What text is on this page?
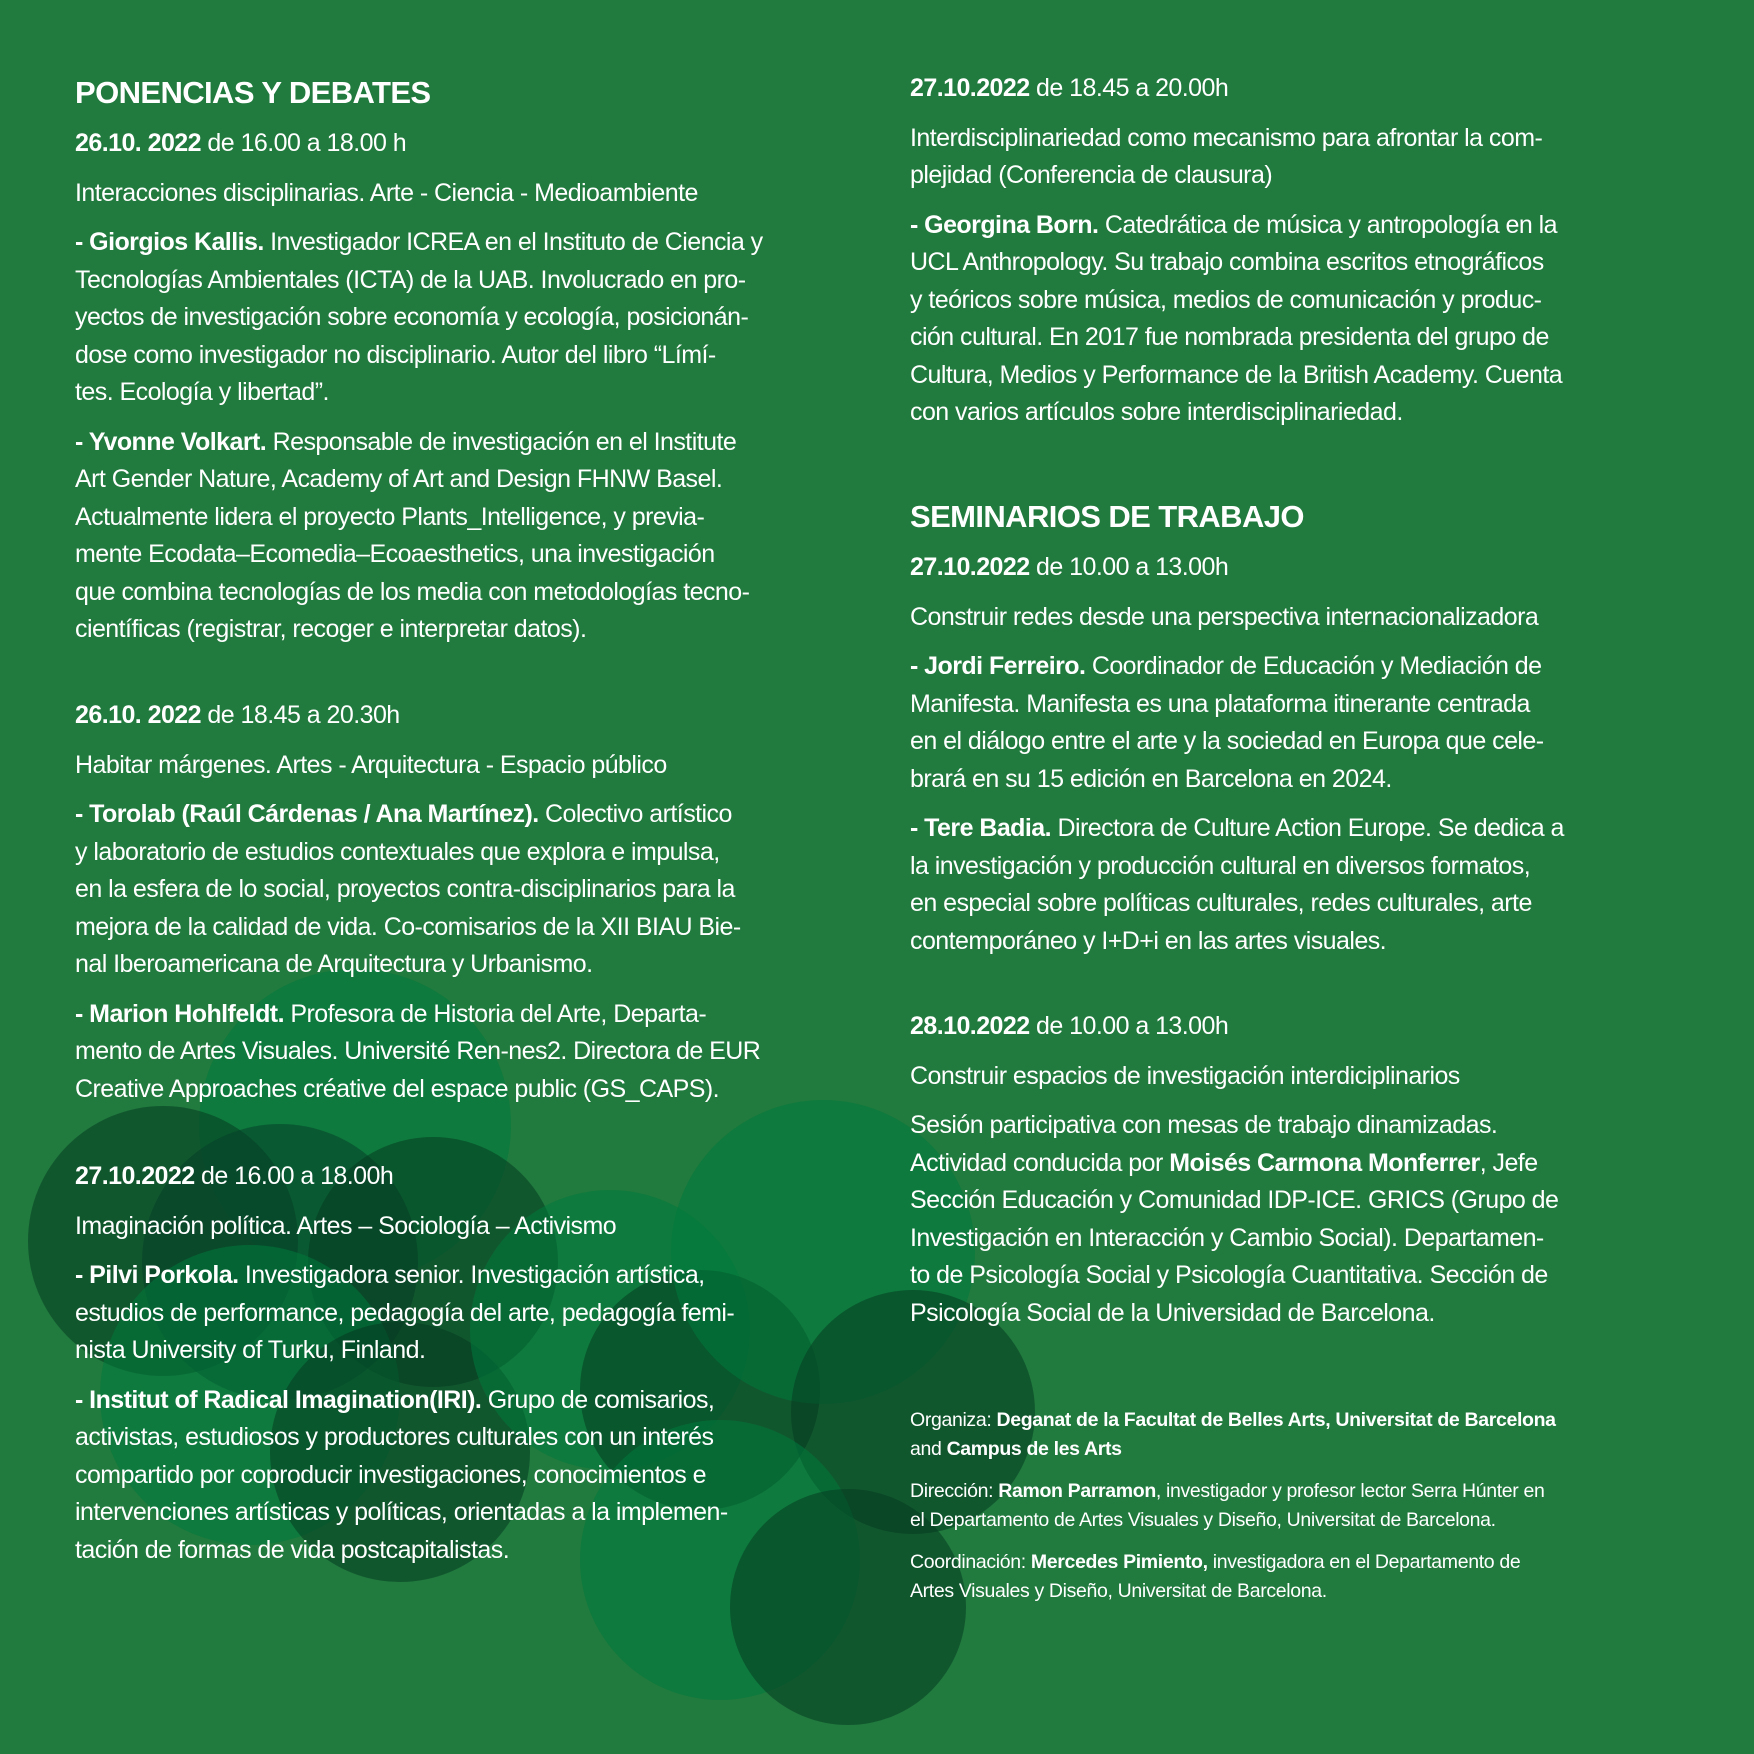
PONENCIAS Y DEBATES
26.10. 2022 de 16.00 a 18.00 h
Interacciones disciplinarias. Arte - Ciencia - Medioambiente
- Giorgios Kallis. Investigador ICREA en el Instituto de Ciencia y
Tecnologías Ambientales (ICTA) de la UAB. Involucrado en pro-
yectos de investigación sobre economía y ecología, posicionán-
dose como investigador no disciplinario. Autor del libro “Límí-
tes. Ecología y libertad”.
- Yvonne Volkart. Responsable de investigación en el Institute
Art Gender Nature, Academy of Art and Design FHNW Basel.
Actualmente lidera el proyecto Plants_Intelligence, y previa-
mente Ecodata–Ecomedia–Ecoaesthetics, una investigación
que combina tecnologías de los media con metodologías tecno-
científicas (registrar, recoger e interpretar datos).
26.10. 2022 de 18.45 a 20.30h
Habitar márgenes. Artes - Arquitectura - Espacio público
- Torolab (Raúl Cárdenas / Ana Martínez). Colectivo artístico
y laboratorio de estudios contextuales que explora e impulsa,
en la esfera de lo social, proyectos contra-disciplinarios para la
mejora de la calidad de vida. Co-comisarios de la XII BIAU Bie-
nal Iberoamericana de Arquitectura y Urbanismo.
- Marion Hohlfeldt. Profesora de Historia del Arte, Departa-
mento de Artes Visuales. Université Ren-nes2. Directora de EUR
Creative Approaches créative del espace public (GS_CAPS).
27.10.2022 de 16.00 a 18.00h
Imaginación política. Artes – Sociología – Activismo
- Pilvi Porkola. Investigadora senior. Investigación artística,
estudios de performance, pedagogía del arte, pedagogía femi-
nista University of Turku, Finland.
- Institut of Radical Imagination(IRI). Grupo de comisarios,
activistas, estudiosos y productores culturales con un interés
compartido por coproducir investigaciones, conocimientos e
intervenciones artísticas y políticas, orientadas a la implemen-
tación de formas de vida postcapitalistas.
27.10.2022 de 18.45 a 20.00h
Interdisciplinariedad como mecanismo para afrontar la com-
plejidad (Conferencia de clausura)
- Georgina Born. Catedrática de música y antropología en la
UCL Anthropology. Su trabajo combina escritos etnográficos
y teóricos sobre música, medios de comunicación y produc-
ción cultural. En 2017 fue nombrada presidenta del grupo de
Cultura, Medios y Performance de la British Academy. Cuenta
con varios artículos sobre interdisciplinariedad.
SEMINARIOS DE TRABAJO
27.10.2022 de 10.00 a 13.00h
Construir redes desde una perspectiva internacionalizadora
- Jordi Ferreiro. Coordinador de Educación y Mediación de
Manifesta. Manifesta es una plataforma itinerante centrada
en el diálogo entre el arte y la sociedad en Europa que cele-
brará en su 15 edición en Barcelona en 2024.
- Tere Badia. Directora de Culture Action Europe. Se dedica a
la investigación y producción cultural en diversos formatos,
en especial sobre políticas culturales, redes culturales, arte
contemporáneo y I+D+i en las artes visuales.
28.10.2022 de 10.00 a 13.00h
Construir espacios de investigación interdiciplinarios
Sesión participativa con mesas de trabajo dinamizadas.
Actividad conducida por Moisés Carmona Monferrer, Jefe
Sección Educación y Comunidad IDP-ICE. GRICS (Grupo de
Investigación en Interacción y Cambio Social). Departamen-
to de Psicología Social y Psicología Cuantitativa. Sección de
Psicología Social de la Universidad de Barcelona.
Organiza: Deganat de la Facultat de Belles Arts, Universitat de Barcelona
and Campus de les Arts
Dirección: Ramon Parramon, investigador y profesor lector Serra Húnter en
el Departamento de Artes Visuales y Diseño, Universitat de Barcelona.
Coordinación: Mercedes Pimiento, investigadora en el Departamento de
Artes Visuales y Diseño, Universitat de Barcelona.
